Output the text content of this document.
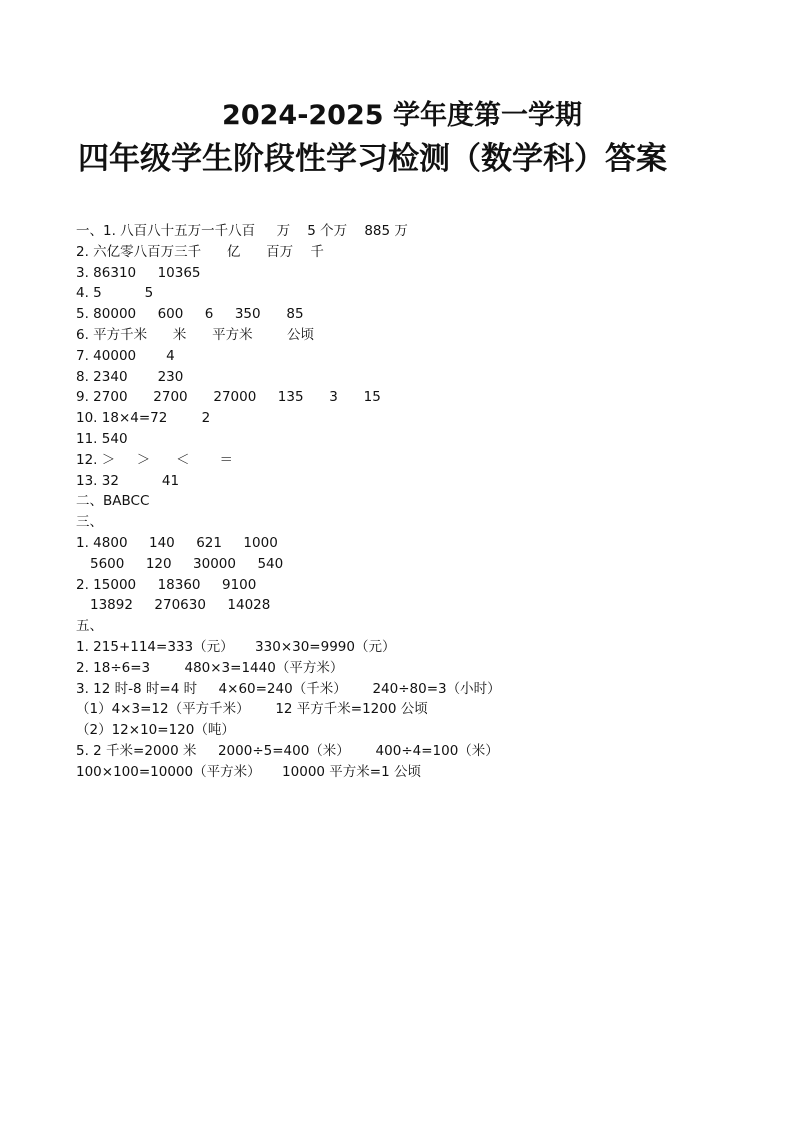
2024-2025 学年度第一学期
四年级学生阶段性学习检测（数学科）答案
一、1. 八百八十五万一千八百     万    5 个万    885 万
2. 六亿零八百万三千      亿      百万    千
3. 86310     10365
4. 5          5
5. 80000     600     6     350      85
6. 平方千米      米      平方米        公顷
7. 40000       4
8. 2340       230
9. 2700      2700      27000     135      3      15
10. 18×4=72        2
11. 540
12. ＞     ＞      ＜       ＝
13. 32          41
二、BABCC
三、
1. 4800     140     621     1000
5600     120     30000     540
2. 15000     18360     9100
13892     270630     14028
五、
1. 215+114=333（元）     330×30=9990（元）
2. 18÷6=3        480×3=1440（平方米）
3. 12 时-8 时=4 时     4×60=240（千米）      240÷80=3（小时）
（1）4×3=12（平方千米）      12 平方千米=1200 公顷
（2）12×10=120（吨）
5. 2 千米=2000 米     2000÷5=400（米）      400÷4=100（米）
100×100=10000（平方米）     10000 平方米=1 公顷
